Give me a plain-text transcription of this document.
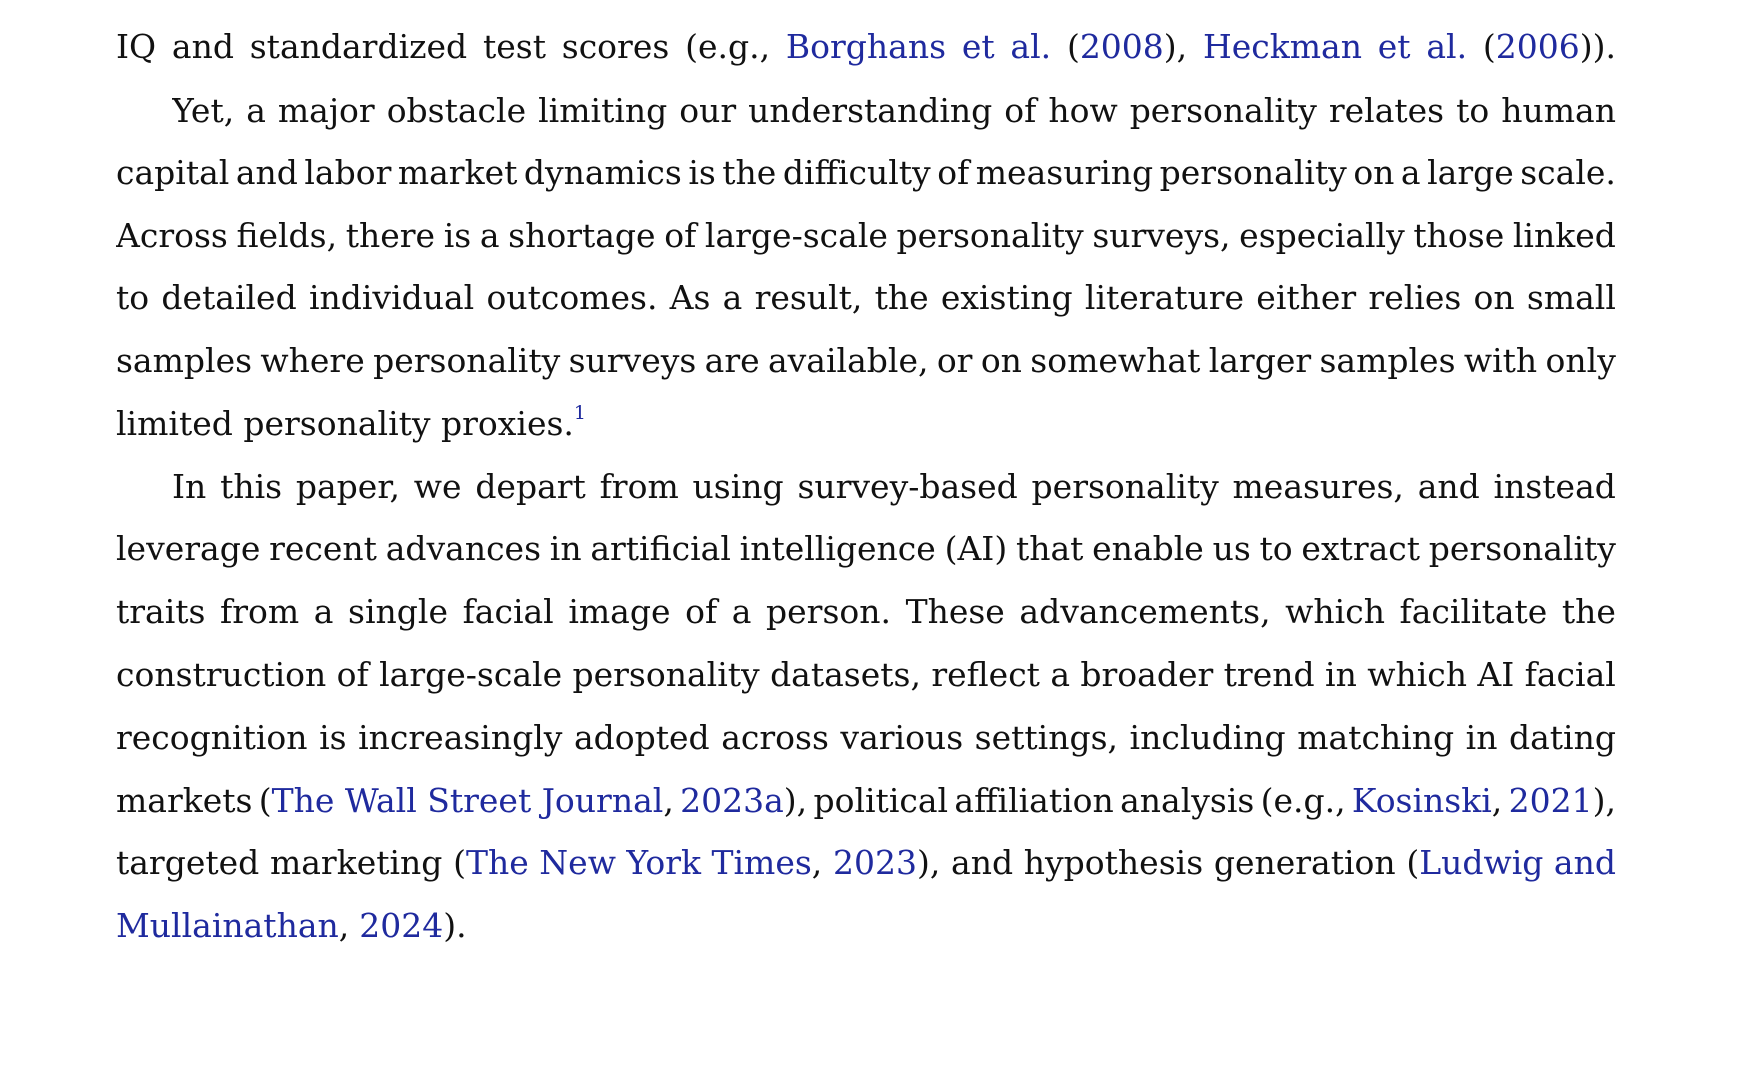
IQ and standardized test scores (e.g., Borghans et al. (2008), Heckman et al. (2006)).
Yet, a major obstacle limiting our understanding of how personality relates to human
capital and labor market dynamics is the difficulty of measuring personality on a large scale.
Across fields, there is a shortage of large-scale personality surveys, especially those linked
to detailed individual outcomes. As a result, the existing literature either relies on small
samples where personality surveys are available, or on somewhat larger samples with only
limited personality proxies.$^1$
In this paper, we depart from using survey-based personality measures, and instead
leverage recent advances in artificial intelligence (AI) that enable us to extract personality
traits from a single facial image of a person. These advancements, which facilitate the
construction of large-scale personality datasets, reflect a broader trend in which AI facial
recognition is increasingly adopted across various settings, including matching in dating
markets (The Wall Street Journal, 2023a), political affiliation analysis (e.g., Kosinski, 2021),
targeted marketing (The New York Times, 2023), and hypothesis generation (Ludwig and
Mullainathan , 2024 ).
